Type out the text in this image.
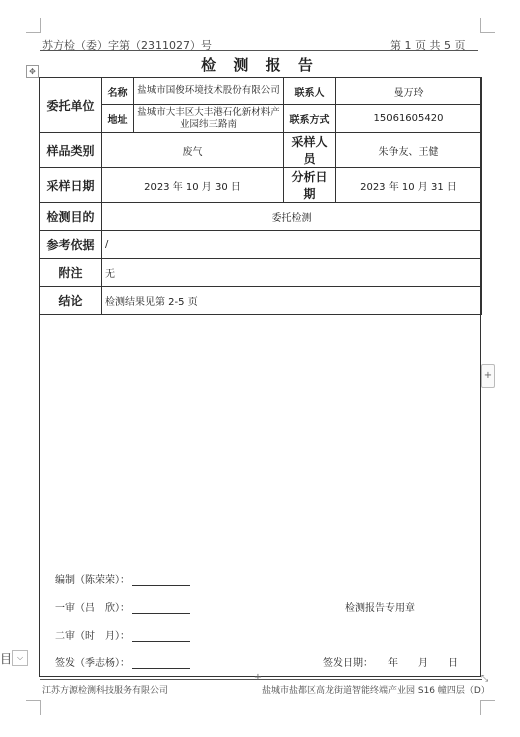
苏方检（委）字第（2311027）号	第 1 页 共 5 页
✥	检 测 报 告
委托单位	名称	盐城市国俊环境技术股份有限公司	联系人	曼万玲
	地址	盐城市大丰区大丰港石化新材料产业园纬三路南	联系方式	15061605420
样品类别	废气		采样人员	朱争友、王健
采样日期	2023 年 10 月 30 日		分析日期	2023 年 10 月 31 日
检测目的	委托检测			
参考依据	/			
附注	无			
结论	检测结果见第 2-5 页			
编制（陈荣荣）：
一审（吕　欣）：	检测报告专用章
二审（时　月）：
签发（季志杨）：	签发日期：　　年　　月　　日
江苏方源检测科技服务有限公司	盐城市盐都区高龙街道智能终端产业园 S16 幢四层（D）
+
+	⤡
目 ⌵
